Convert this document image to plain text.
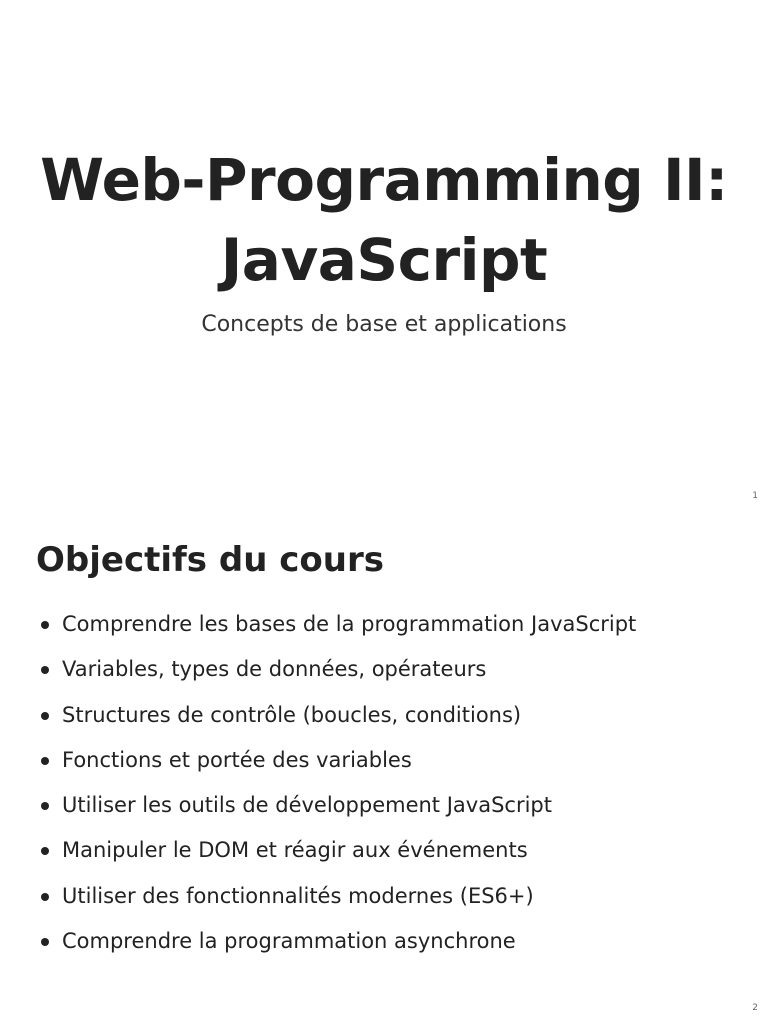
Web-Programming II:
JavaScript

Concepts de base et applications

1
Objectifs du cours
Comprendre les bases de la programmation JavaScript
Variables, types de données, opérateurs
Structures de contrôle (boucles, conditions)
Fonctions et portée des variables
Utiliser les outils de développement JavaScript
Manipuler le DOM et réagir aux événements
Utiliser des fonctionnalités modernes (ES6+)
Comprendre la programmation asynchrone
2
